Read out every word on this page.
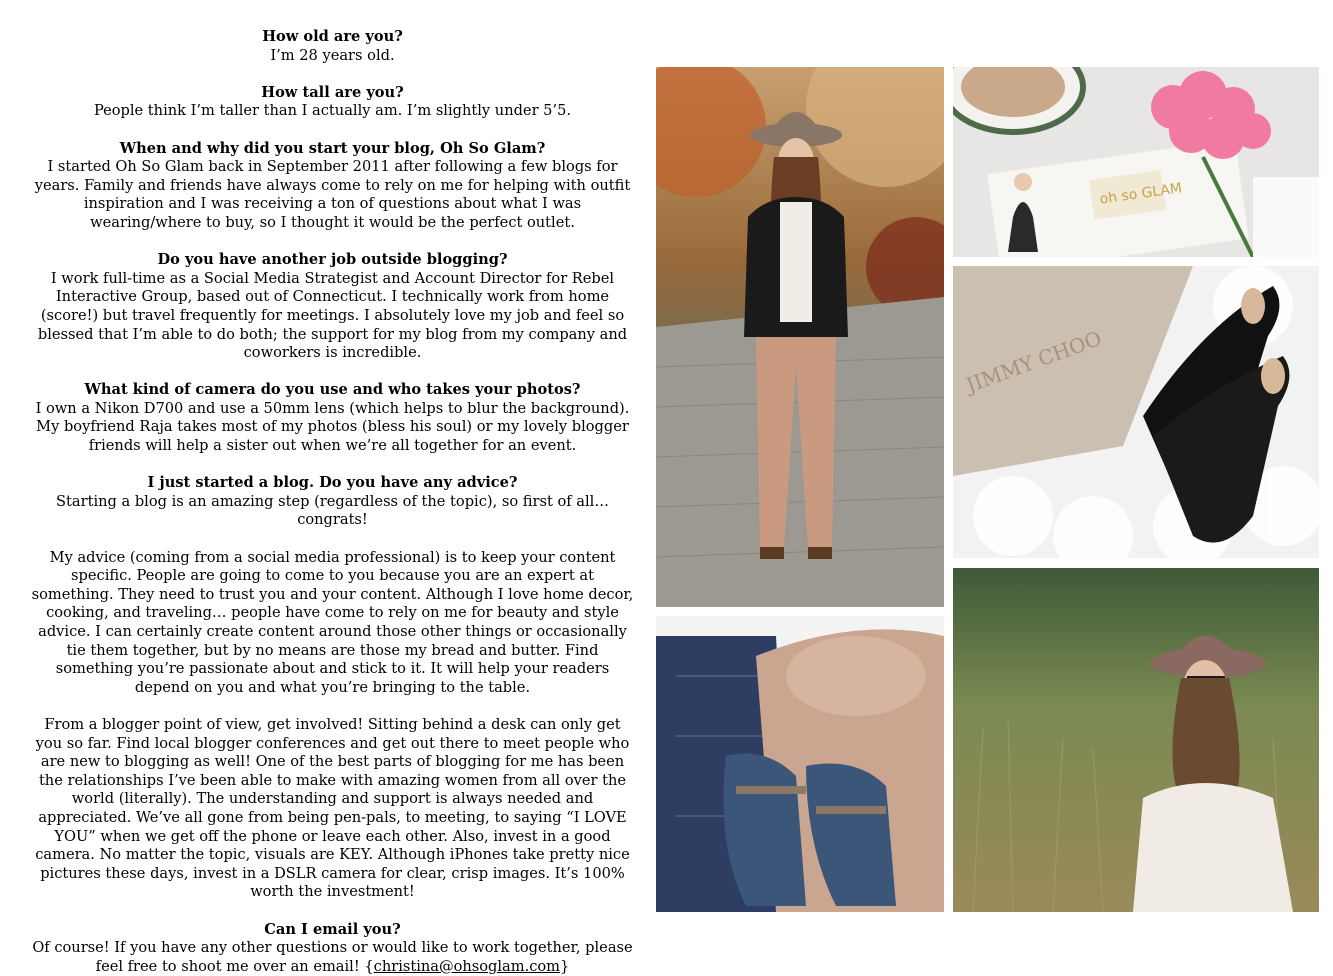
How old are you?
I’m 28 years old.
How tall are you?
People think I’m taller than I actually am. I’m slightly under 5’5.
When and why did you start your blog, Oh So Glam?
I started Oh So Glam back in September 2011 after following a few blogs for years. Family and friends have always come to rely on me for helping with outfit inspiration and I was receiving a ton of questions about what I was wearing/where to buy, so I thought it would be the perfect outlet.
Do you have another job outside blogging?
I work full-time as a Social Media Strategist and Account Director for Rebel Interactive Group, based out of Connecticut. I technically work from home (score!) but travel frequently for meetings. I absolutely love my job and feel so blessed that I’m able to do both; the support for my blog from my company and coworkers is incredible.
What kind of camera do you use and who takes your photos?
I own a Nikon D700 and use a 50mm lens (which helps to blur the background). My boyfriend Raja takes most of my photos (bless his soul) or my lovely blogger friends will help a sister out when we’re all together for an event.
I just started a blog. Do you have any advice?
Starting a blog is an amazing step (regardless of the topic), so first of all… congrats!
My advice (coming from a social media professional) is to keep your content specific. People are going to come to you because you are an expert at something. They need to trust you and your content. Although I love home decor, cooking, and traveling… people have come to rely on me for beauty and style advice. I can certainly create content around those other things or occasionally tie them together, but by no means are those my bread and butter. Find something you’re passionate about and stick to it. It will help your readers depend on you and what you’re bringing to the table.
From a blogger point of view, get involved! Sitting behind a desk can only get you so far. Find local blogger conferences and get out there to meet people who are new to blogging as well! One of the best parts of blogging for me has been the relationships I’ve been able to make with amazing women from all over the world (literally). The understanding and support is always needed and appreciated. We’ve all gone from being pen-pals, to meeting, to saying “I LOVE YOU” when we get off the phone or leave each other. Also, invest in a good camera. No matter the topic, visuals are KEY. Although iPhones take pretty nice pictures these days, invest in a DSLR camera for clear, crisp images. It’s 100% worth the investment!
Can I email you?
Of course! If you have any other questions or would like to work together, please feel free to shoot me over an email! {christina@ohsoglam.com}
oh so GLAM
JIMMY CHOO
